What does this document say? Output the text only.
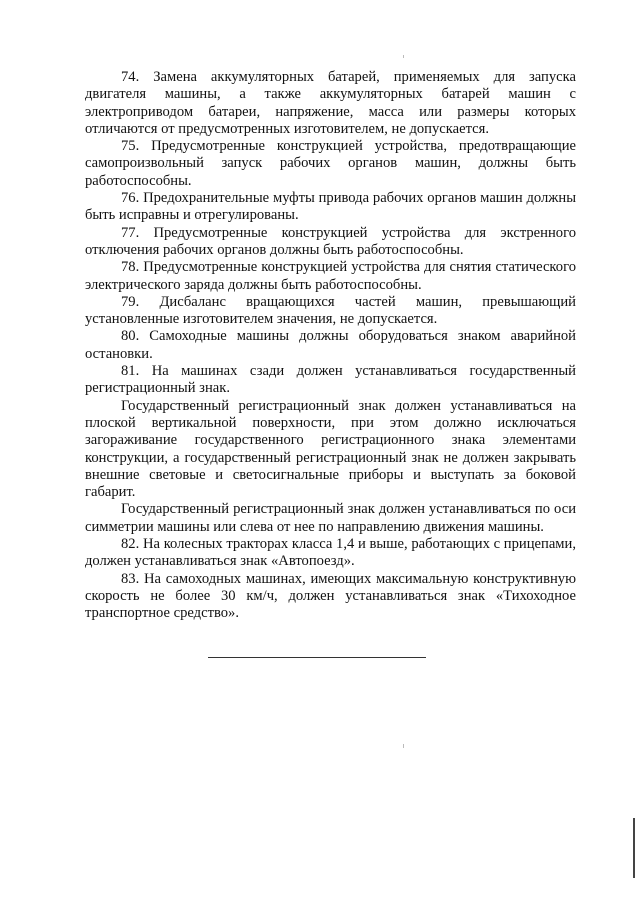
74. Замена аккумуляторных батарей, применяемых для запуска двигателя машины, а также аккумуляторных батарей машин с электроприводом батареи, напряжение, масса или размеры которых отличаются от предусмотренных изготовителем, не допускается.

75. Предусмотренные конструкцией устройства, предотвращающие самопроизвольный запуск рабочих органов машин, должны быть работоспособны.

76. Предохранительные муфты привода рабочих органов машин должны быть исправны и отрегулированы.

77. Предусмотренные конструкцией устройства для экстренного отключения рабочих органов должны быть работоспособны.

78. Предусмотренные конструкцией устройства для снятия статического электрического заряда должны быть работоспособны.

79. Дисбаланс вращающихся частей машин, превышающий установленные изготовителем значения, не допускается.

80. Самоходные машины должны оборудоваться знаком аварийной остановки.

81. На машинах сзади должен устанавливаться государственный регистрационный знак.

Государственный регистрационный знак должен устанавливаться на плоской вертикальной поверхности, при этом должно исключаться загораживание государственного регистрационного знака элементами конструкции, а государственный регистрационный знак не должен закрывать внешние световые и светосигнальные приборы и выступать за боковой габарит.

Государственный регистрационный знак должен устанавливаться по оси симметрии машины или слева от нее по направлению движения машины.

82. На колесных тракторах класса 1,4 и выше, работающих с прицепами, должен устанавливаться знак «Автопоезд».

83. На самоходных машинах, имеющих максимальную конструктивную скорость не более 30 км/ч, должен устанавливаться знак «Тихоходное транспортное средство».
